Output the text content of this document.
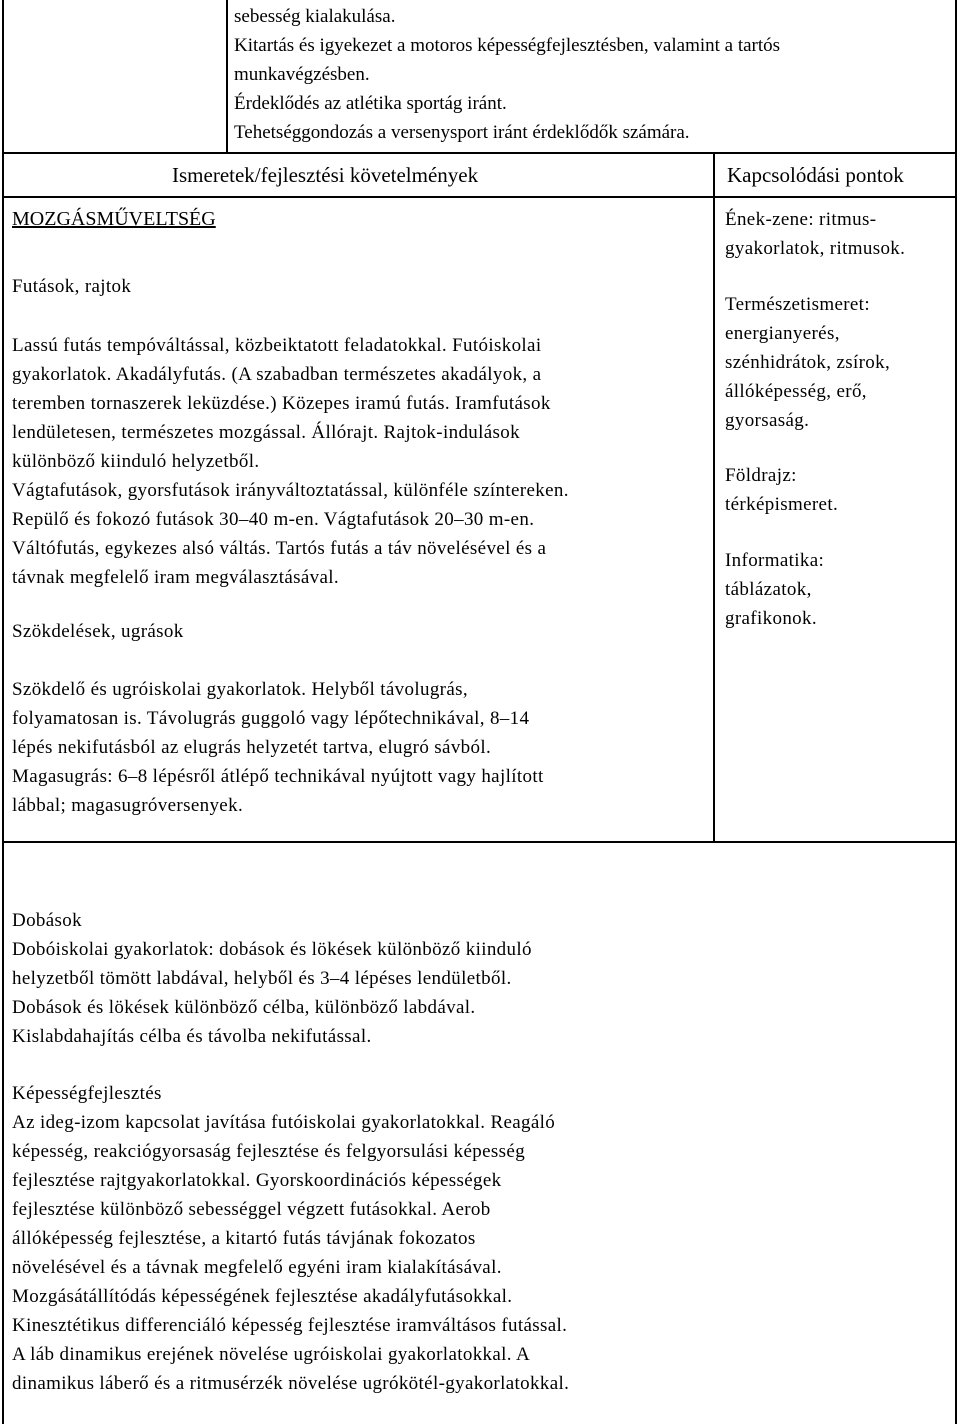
sebesség kialakulása.
Kitartás és igyekezet a motoros képességfejlesztésben, valamint a tartós
munkavégzésben.
Érdeklődés az atlétika sportág iránt.
Tehetséggondozás a versenysport iránt érdeklődők számára.
Ismeretek/fejlesztési követelmények	Kapcsolódási pontok
MOZGÁSMŰVELTSÉG
Futások, rajtok
Lassú futás tempóváltással, közbeiktatott feladatokkal. Futóiskolai
gyakorlatok. Akadályfutás. (A szabadban természetes akadályok, a
teremben tornaszerek leküzdése.) Közepes iramú futás. Iramfutások
lendületesen, természetes mozgással. Állórajt. Rajtok-indulások
különböző kiinduló helyzetből.
Vágtafutások, gyorsfutások irányváltoztatással, különféle színtereken.
Repülő és fokozó futások 30–40 m-en. Vágtafutások 20–30 m-en.
Váltófutás, egykezes alsó váltás. Tartós futás a táv növelésével és a
távnak megfelelő iram megválasztásával.
Szökdelések, ugrások
Szökdelő és ugróiskolai gyakorlatok. Helyből távolugrás,
folyamatosan is. Távolugrás guggoló vagy lépőtechnikával, 8–14
lépés nekifutásból az elugrás helyzetét tartva, elugró sávból.
Magasugrás: 6–8 lépésről átlépő technikával nyújtott vagy hajlított
lábbal; magasugróversenyek.
Dobások
Dobóiskolai gyakorlatok: dobások és lökések különböző kiinduló
helyzetből tömött labdával, helyből és 3–4 lépéses lendületből.
Dobások és lökések különböző célba, különböző labdával.
Kislabdahajítás célba és távolba nekifutással.
Képességfejlesztés
Az ideg-izom kapcsolat javítása futóiskolai gyakorlatokkal. Reagáló
képesség, reakciógyorsaság fejlesztése és felgyorsulási képesség
fejlesztése rajtgyakorlatokkal. Gyorskoordinációs képességek
fejlesztése különböző sebességgel végzett futásokkal. Aerob
állóképesség fejlesztése, a kitartó futás távjának fokozatos
növelésével és a távnak megfelelő egyéni iram kialakításával.
Mozgásátállítódás képességének fejlesztése akadályfutásokkal.
Kinesztétikus differenciáló képesség fejlesztése iramváltásos futással.
A láb dinamikus erejének növelése ugróiskolai gyakorlatokkal. A
dinamikus láberő és a ritmusérzék növelése ugrókötél-gyakorlatokkal.
Ének-zene: ritmus-
gyakorlatok, ritmusok.
Természetismeret:
energianyerés,
szénhidrátok, zsírok,
állóképesség, erő,
gyorsaság.
Földrajz:
térképismeret.
Informatika:
táblázatok,
grafikonok.
